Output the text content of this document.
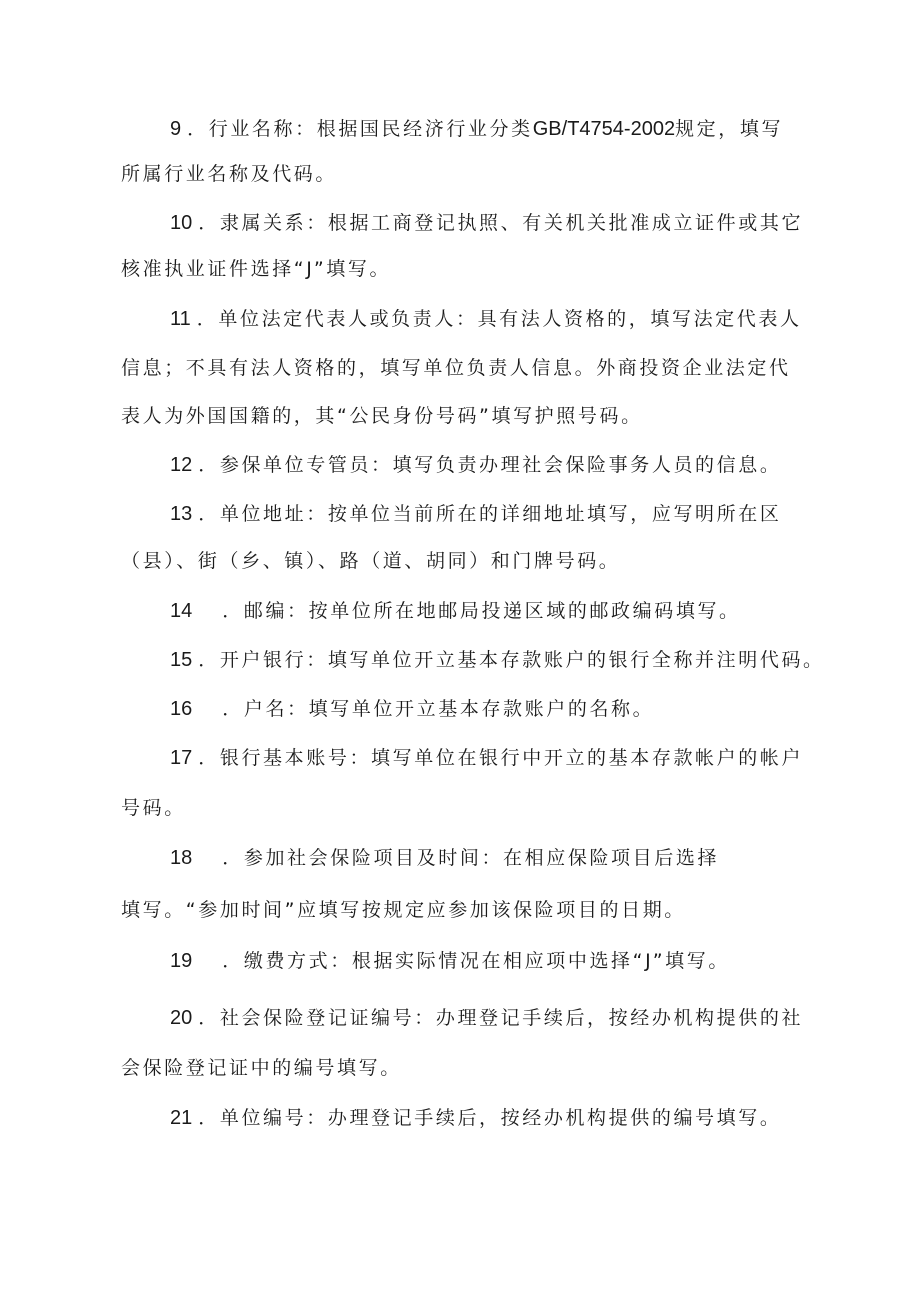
9 ．行业名称：根据国民经济行业分类GB/T4754-2002规定，填写
所属行业名称及代码。
10 ．隶属关系：根据工商登记执照、有关机关批准成立证件或其它
核准执业证件选择“J”填写。
11 ．单位法定代表人或负责人：具有法人资格的，填写法定代表人
信息；不具有法人资格的，填写单位负责人信息。外商投资企业法定代
表人为外国国籍的，其“公民身份号码”填写护照号码。
12 ．参保单位专管员：填写负责办理社会保险事务人员的信息。
13 ．单位地址：按单位当前所在的详细地址填写，应写明所在区
（县）、街（乡、镇）、路（道、胡同）和门牌号码。
14 ．邮编：按单位所在地邮局投递区域的邮政编码填写。
15 ．开户银行：填写单位开立基本存款账户的银行全称并注明代码。
16 ．户名：填写单位开立基本存款账户的名称。
17 ．银行基本账号：填写单位在银行中开立的基本存款帐户的帐户
号码。
18 ．参加社会保险项目及时间：在相应保险项目后选择
填写。“参加时间”应填写按规定应参加该保险项目的日期。
19 ．缴费方式：根据实际情况在相应项中选择“J”填写。
20 ．社会保险登记证编号：办理登记手续后，按经办机构提供的社
会保险登记证中的编号填写。
21 ．单位编号：办理登记手续后，按经办机构提供的编号填写。
